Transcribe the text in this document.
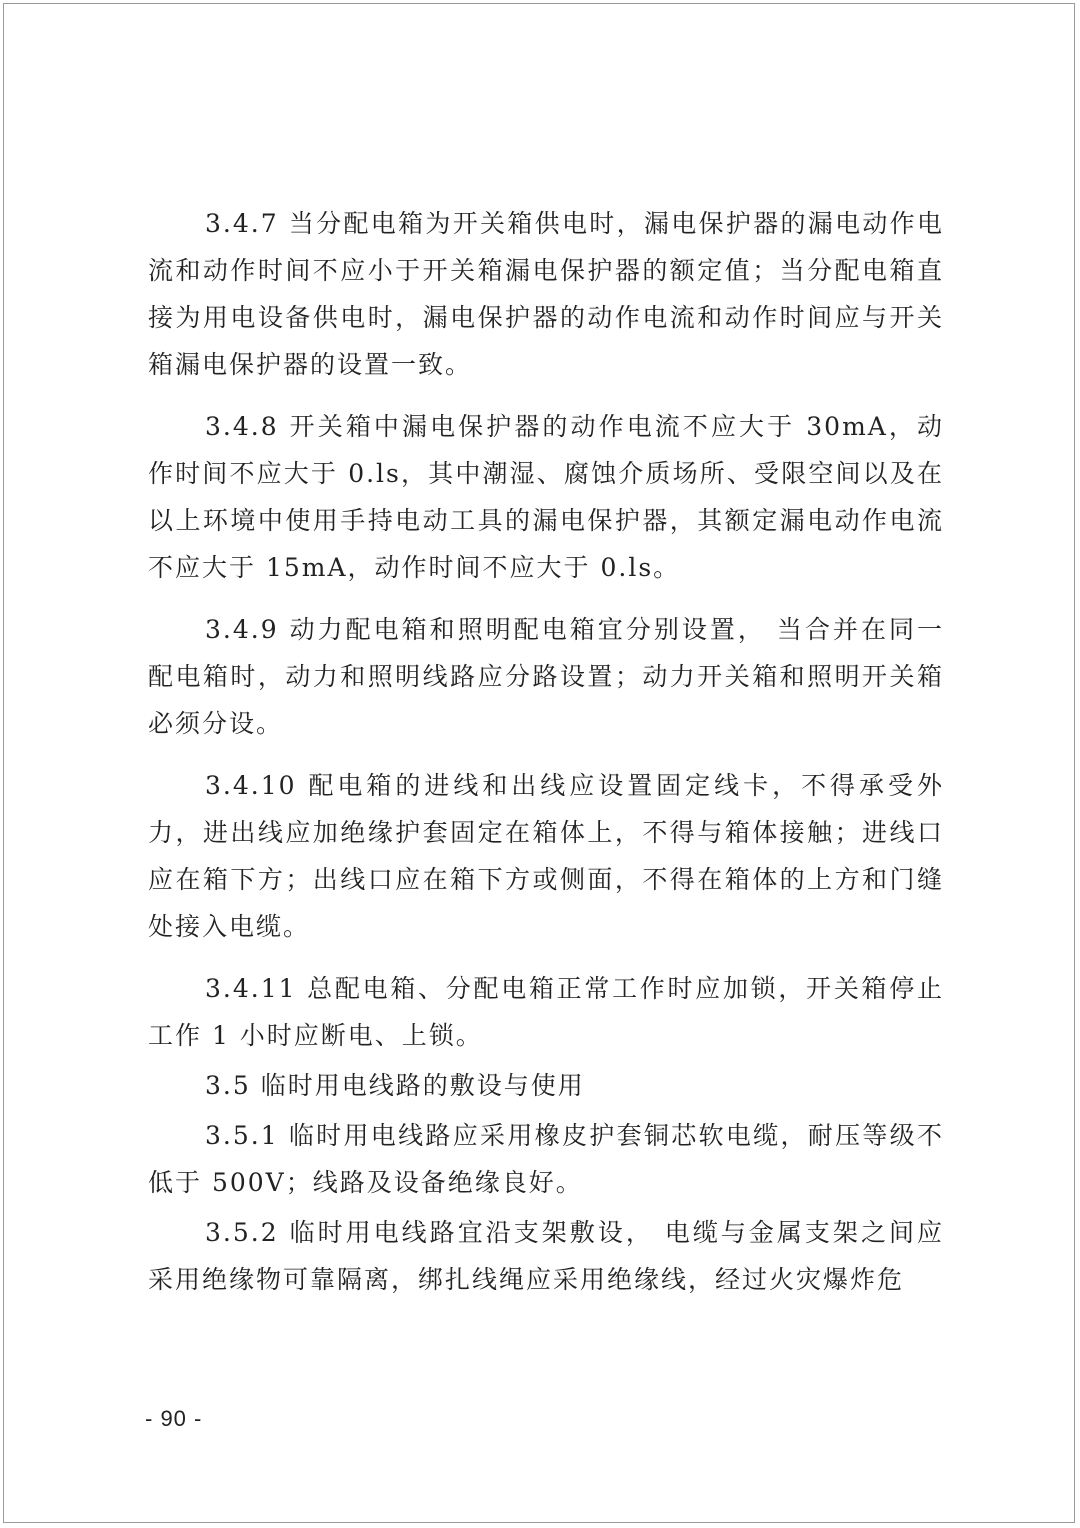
3.4.7 当分配电箱为开关箱供电时，漏电保护器的漏电动作电流和动作时间不应小于开关箱漏电保护器的额定值；当分配电箱直接为用电设备供电时，漏电保护器的动作电流和动作时间应与开关箱漏电保护器的设置一致。

3.4.8 开关箱中漏电保护器的动作电流不应大于 30mA，动作时间不应大于 0.ls，其中潮湿、腐蚀介质场所、受限空间以及在以上环境中使用手持电动工具的漏电保护器，其额定漏电动作电流不应大于 15mA，动作时间不应大于 0.ls。

3.4.9 动力配电箱和照明配电箱宜分别设置， 当合并在同一配电箱时，动力和照明线路应分路设置；动力开关箱和照明开关箱必须分设。

3.4.10 配电箱的进线和出线应设置固定线卡，不得承受外力，进出线应加绝缘护套固定在箱体上，不得与箱体接触；进线口应在箱下方；出线口应在箱下方或侧面，不得在箱体的上方和门缝处接入电缆。

3.4.11 总配电箱、分配电箱正常工作时应加锁，开关箱停止工作 1 小时应断电、上锁。

3.5 临时用电线路的敷设与使用

3.5.1 临时用电线路应采用橡皮护套铜芯软电缆，耐压等级不低于 500V；线路及设备绝缘良好。

3.5.2 临时用电线路宜沿支架敷设， 电缆与金属支架之间应采用绝缘物可靠隔离，绑扎线绳应采用绝缘线，经过火灾爆炸危

- 90 -
